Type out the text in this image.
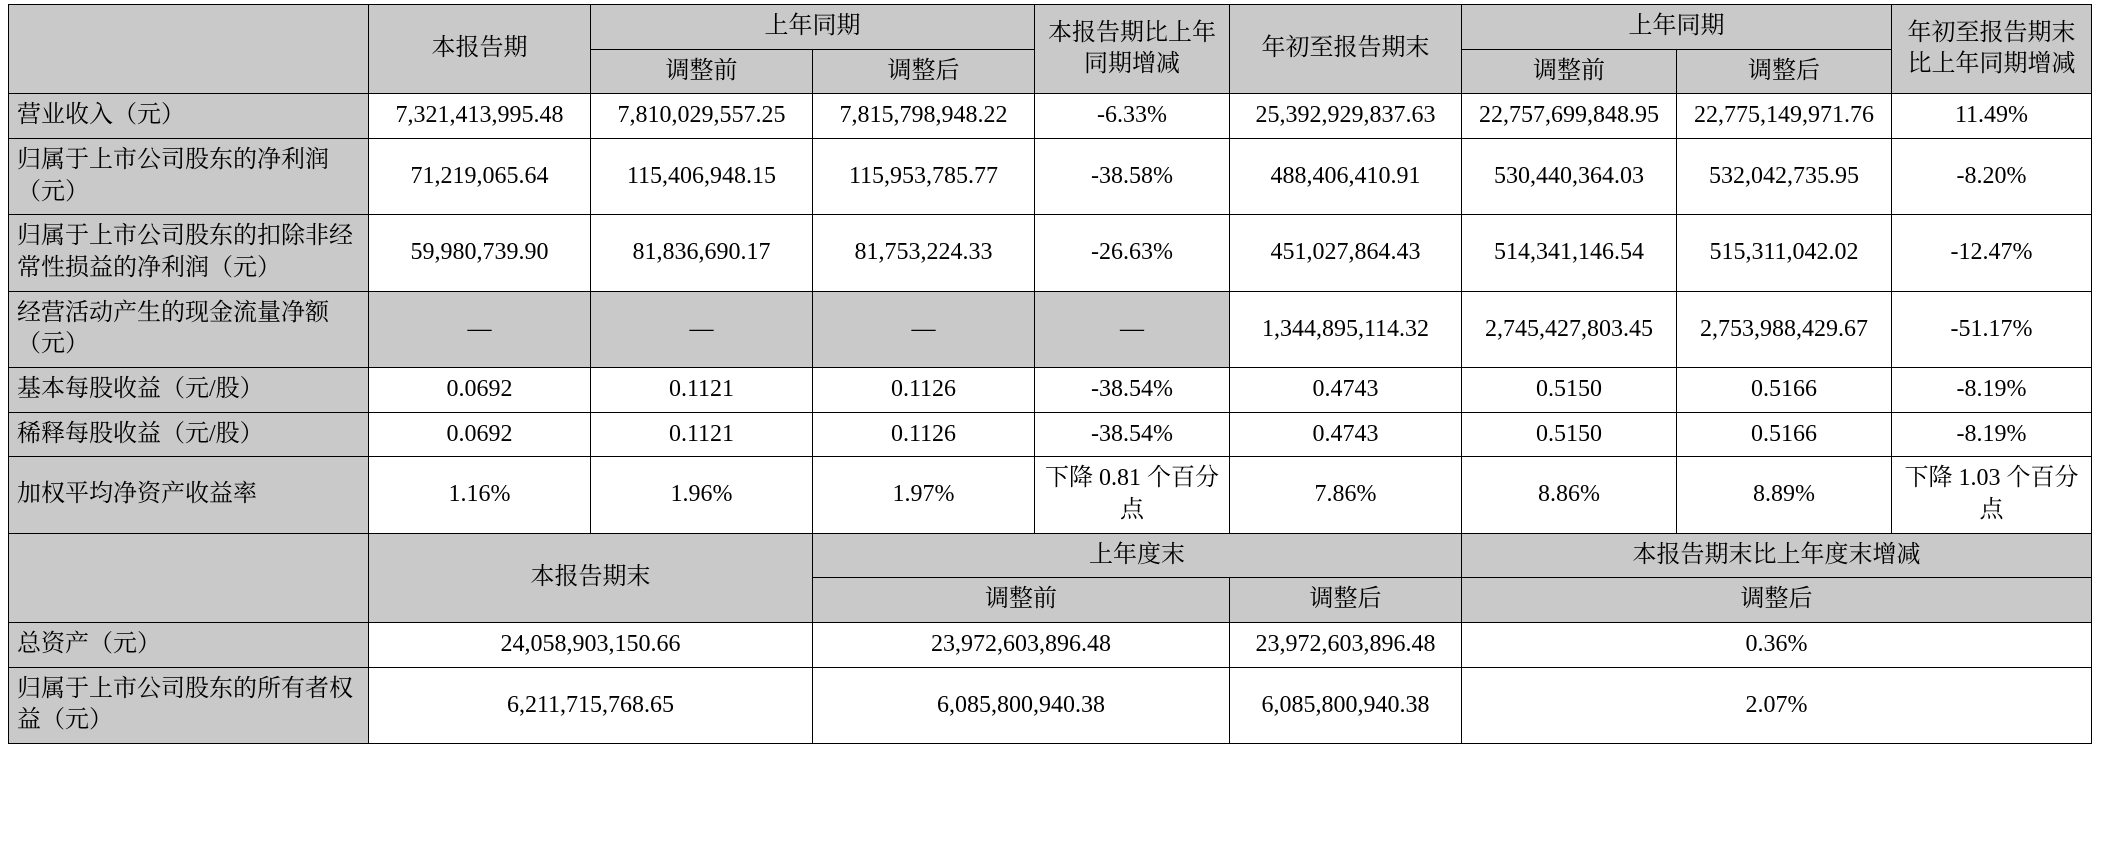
	本报告期	上年同期		本报告期比上年同期增减	年初至报告期末	上年同期		年初至报告期末比上年同期增减
		调整前	调整后			调整前	调整后	
营业收入（元）	7,321,413,995.48	7,810,029,557.25	7,815,798,948.22	-6.33%	25,392,929,837.63	22,757,699,848.95	22,775,149,971.76	11.49%
归属于上市公司股东的净利润（元）	71,219,065.64	115,406,948.15	115,953,785.77	-38.58%	488,406,410.91	530,440,364.03	532,042,735.95	-8.20%
归属于上市公司股东的扣除非经常性损益的净利润（元）	59,980,739.90	81,836,690.17	81,753,224.33	-26.63%	451,027,864.43	514,341,146.54	515,311,042.02	-12.47%
经营活动产生的现金流量净额（元）	—	—	—	—	1,344,895,114.32	2,745,427,803.45	2,753,988,429.67	-51.17%
基本每股收益（元/股）	0.0692	0.1121	0.1126	-38.54%	0.4743	0.5150	0.5166	-8.19%
稀释每股收益（元/股）	0.0692	0.1121	0.1126	-38.54%	0.4743	0.5150	0.5166	-8.19%
加权平均净资产收益率	1.16%	1.96%	1.97%	下降 0.81 个百分点	7.86%	8.86%	8.89%	下降 1.03 个百分点
	本报告期末		上年度末			本报告期末比上年度末增减		
			调整前		调整后	调整后		
总资产（元）	24,058,903,150.66		23,972,603,896.48		23,972,603,896.48	0.36%		
归属于上市公司股东的所有者权益（元）	6,211,715,768.65		6,085,800,940.38		6,085,800,940.38	2.07%		
